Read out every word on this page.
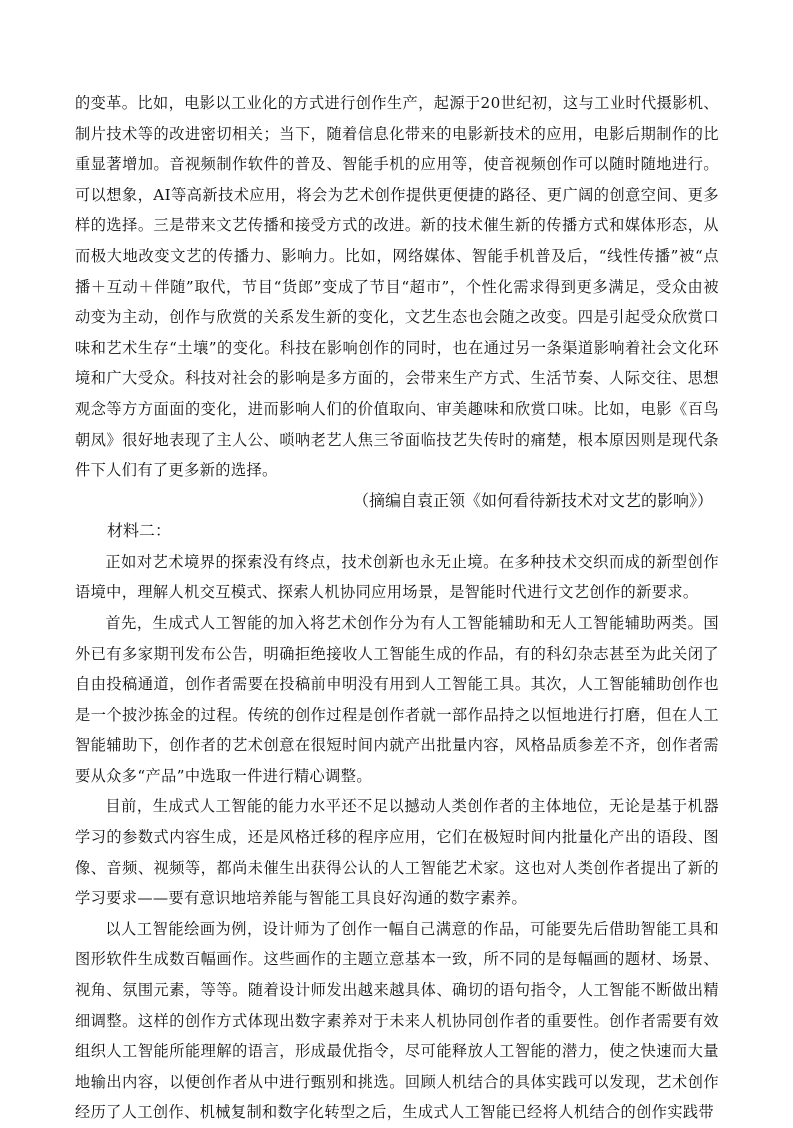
的变革。比如，电影以工业化的方式进行创作生产，起源于20世纪初，这与工业时代摄影机、制片技术等的改进密切相关；当下，随着信息化带来的电影新技术的应用，电影后期制作的比重显著增加。音视频制作软件的普及、智能手机的应用等，使音视频创作可以随时随地进行。可以想象，AI等高新技术应用，将会为艺术创作提供更便捷的路径、更广阔的创意空间、更多样的选择。三是带来文艺传播和接受方式的改进。新的技术催生新的传播方式和媒体形态，从而极大地改变文艺的传播力、影响力。比如，网络媒体、智能手机普及后，“线性传播”被“点播＋互动＋伴随”取代，节目“货郎”变成了节目“超市”，个性化需求得到更多满足，受众由被动变为主动，创作与欣赏的关系发生新的变化，文艺生态也会随之改变。四是引起受众欣赏口味和艺术生存“土壤”的变化。科技在影响创作的同时，也在通过另一条渠道影响着社会文化环境和广大受众。科技对社会的影响是多方面的，会带来生产方式、生活节奏、人际交往、思想观念等方方面面的变化，进而影响人们的价值取向、审美趣味和欣赏口味。比如，电影《百鸟朝凤》很好地表现了主人公、唢呐老艺人焦三爷面临技艺失传时的痛楚，根本原因则是现代条件下人们有了更多新的选择。

（摘编自袁正领《如何看待新技术对文艺的影响》）

材料二：

正如对艺术境界的探索没有终点，技术创新也永无止境。在多种技术交织而成的新型创作语境中，理解人机交互模式、探索人机协同应用场景，是智能时代进行文艺创作的新要求。

首先，生成式人工智能的加入将艺术创作分为有人工智能辅助和无人工智能辅助两类。国外已有多家期刊发布公告，明确拒绝接收人工智能生成的作品，有的科幻杂志甚至为此关闭了自由投稿通道，创作者需要在投稿前申明没有用到人工智能工具。其次，人工智能辅助创作也是一个披沙拣金的过程。传统的创作过程是创作者就一部作品持之以恒地进行打磨，但在人工智能辅助下，创作者的艺术创意在很短时间内就产出批量内容，风格品质参差不齐，创作者需要从众多“产品”中选取一件进行精心调整。

目前，生成式人工智能的能力水平还不足以撼动人类创作者的主体地位，无论是基于机器学习的参数式内容生成，还是风格迁移的程序应用，它们在极短时间内批量化产出的语段、图像、音频、视频等，都尚未催生出获得公认的人工智能艺术家。这也对人类创作者提出了新的学习要求——要有意识地培养能与智能工具良好沟通的数字素养。

以人工智能绘画为例，设计师为了创作一幅自己满意的作品，可能要先后借助智能工具和图形软件生成数百幅画作。这些画作的主题立意基本一致，所不同的是每幅画的题材、场景、视角、氛围元素，等等。随着设计师发出越来越具体、确切的语句指令，人工智能不断做出精细调整。这样的创作方式体现出数字素养对于未来人机协同创作者的重要性。创作者需要有效组织人工智能所能理解的语言，形成最优指令，尽可能释放人工智能的潜力，使之快速而大量地输出内容，以便创作者从中进行甄别和挑选。回顾人机结合的具体实践可以发现，艺术创作经历了人工创作、机械复制和数字化转型之后，生成式人工智能已经将人机结合的创作实践带
